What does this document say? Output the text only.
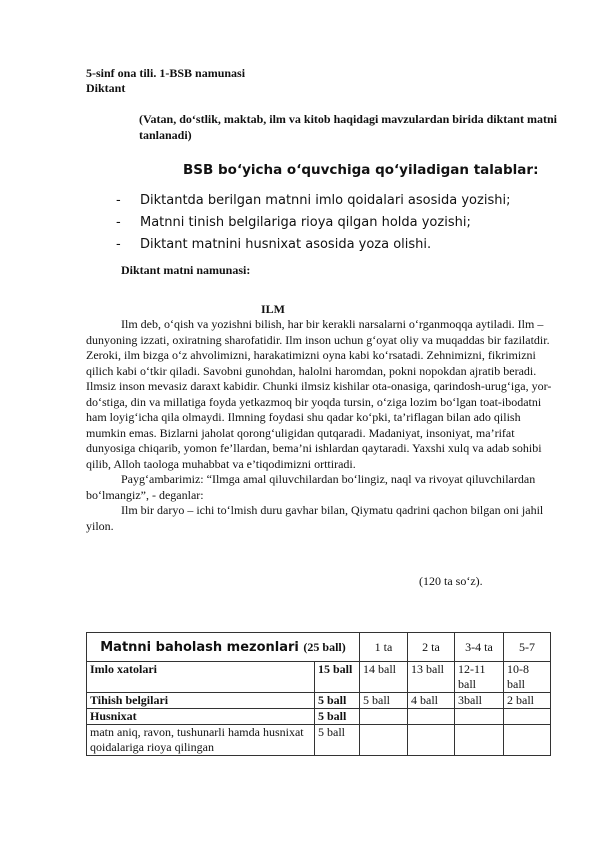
5-sinf ona tili. 1-BSB namunasi
Diktant
(Vatan, do‘stlik, maktab, ilm va kitob haqidagi mavzulardan birida diktant matni tanlanadi)
BSB bo‘yicha o‘quvchiga qo‘yiladigan talablar:
- Diktantda berilgan matnni imlo qoidalari asosida yozishi;
- Matnni tinish belgilariga rioya qilgan holda yozishi;
- Diktant matnini husnixat asosida yoza olishi.
Diktant matni namunasi:
ILM

Ilm deb, o‘qish va yozishni bilish, har bir kerakli narsalarni o‘rganmoqqa aytiladi. Ilm – dunyoning izzati, oxiratning sharofatidir. Ilm inson uchun g‘oyat oliy va muqaddas bir fazilatdir. Zeroki, ilm bizga o‘z ahvolimizni, harakatimizni oyna kabi ko‘rsatadi. Zehnimizni, fikrimizni qilich kabi o‘tkir qiladi. Savobni gunohdan, halolni haromdan, pokni nopokdan ajratib beradi. Ilmsiz inson mevasiz daraxt kabidir. Chunki ilmsiz kishilar ota-onasiga, qarindosh-urug‘iga, yor-do‘stiga, din va millatiga foyda yetkazmoq bir yoqda tursin, o‘ziga lozim bo‘lgan toat-ibodatni ham loyig‘icha qila olmaydi. Ilmning foydasi shu qadar ko‘pki, ta’riflagan bilan ado qilish mumkin emas. Bizlarni jaholat qorong‘uligidan qutqaradi. Madaniyat, insoniyat, ma’rifat dunyosiga chiqarib, yomon fe’llardan, bema’ni ishlardan qaytaradi. Yaxshi xulq va adab sohibi qilib, Alloh taologa muhabbat va e’tiqodimizni orttiradi.

Payg‘ambarimiz: “Ilmga amal qiluvchilardan bo‘lingiz, naql va rivoyat qiluvchilardan bo‘lmangiz”, - deganlar:

Ilm bir daryo – ichi to‘lmish duru gavhar bilan, Qiymatu qadrini qachon bilgan oni jahil yilon.

(120 ta so‘z).
Matnni baholash mezonlari (25 ball)		1 ta	2 ta	3-4 ta	5-7
Imlo xatolari	15 ball	14 ball	13 ball	12-11 ball	10-8 ball
Tihish belgilari	5 ball	5 ball	4 ball	3ball	2 ball
Husnixat	5 ball				
matn aniq, ravon, tushunarli hamda husnixat qoidalariga rioya qilingan	5 ball				
